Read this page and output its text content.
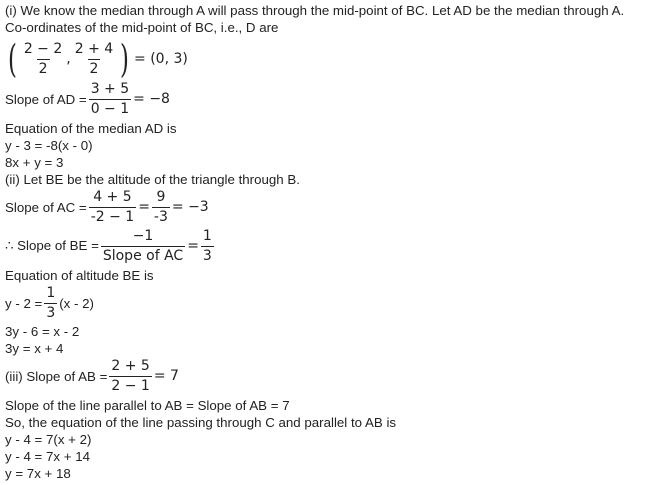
(i) We know the median through A will pass through the mid-point of BC. Let AD be the median through A.
Co-ordinates of the mid-point of BC, i.e., D are
( $\frac{2 - 2}{2}$ , $\frac{2 + 4}{2}$ ) = (0, 3)
Slope of AD = $\frac{3 + 5}{0 - 1} = -8$
Equation of the median AD is
y - 3 = -8(x - 0)
8x + y = 3
(ii) Let BE be the altitude of the triangle through B.
Slope of AC = $\frac{4 + 5}{-2 - 1} = \frac{9}{-3} = -3$
∴ Slope of BE = $\frac{-1}{\text{Slope of AC}} = \frac{1}{3}$
Equation of altitude BE is
$y - 2 = \frac{1}{3} (x - 2)$
3y - 6 = x - 2
3y = x + 4
(iii) Slope of AB = $\frac{2 + 5}{2 - 1} = 7$
Slope of the line parallel to AB = Slope of AB = 7
So, the equation of the line passing through C and parallel to AB is
y - 4 = 7(x + 2)
y - 4 = 7x + 14
y = 7x + 18
